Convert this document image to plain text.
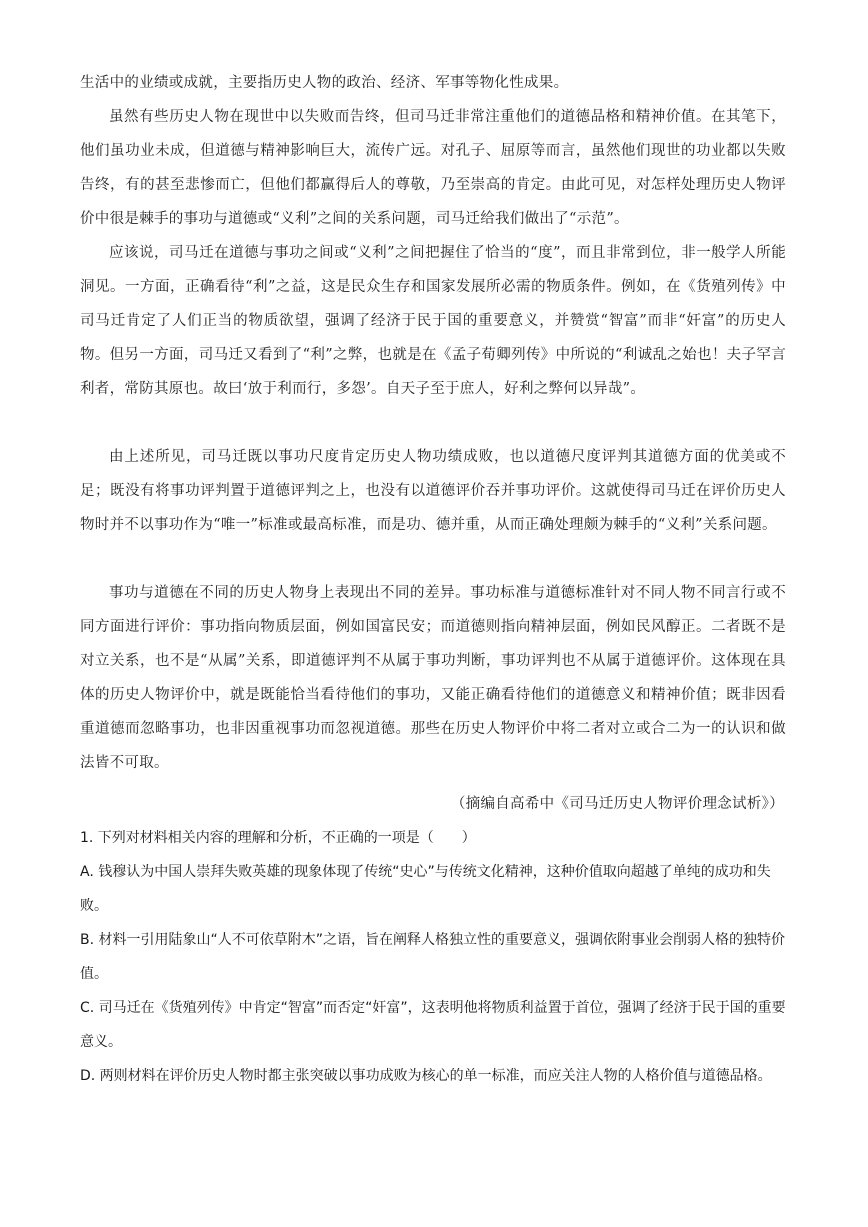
生活中的业绩或成就，主要指历史人物的政治、经济、军事等物化性成果。
虽然有些历史人物在现世中以失败而告终，但司马迁非常注重他们的道德品格和精神价值。在其笔下，他们虽功业未成，但道德与精神影响巨大，流传广远。对孔子、屈原等而言，虽然他们现世的功业都以失败告终，有的甚至悲惨而亡，但他们都赢得后人的尊敬，乃至崇高的肯定。由此可见，对怎样处理历史人物评价中很是棘手的事功与道德或“义利”之间的关系问题，司马迁给我们做出了“示范”。
应该说，司马迁在道德与事功之间或“义利”之间把握住了恰当的“度”，而且非常到位，非一般学人所能洞见。一方面，正确看待“利”之益，这是民众生存和国家发展所必需的物质条件。例如，在《货殖列传》中司马迁肯定了人们正当的物质欲望，强调了经济于民于国的重要意义，并赞赏“智富”而非“奸富”的历史人物。但另一方面，司马迁又看到了“利”之弊，也就是在《孟子荀卿列传》中所说的“利诚乱之始也！夫子罕言利者，常防其原也。故曰‘放于利而行，多怨’。自天子至于庶人，好利之弊何以异哉”。
由上述所见，司马迁既以事功尺度肯定历史人物功绩成败，也以道德尺度评判其道德方面的优美或不足；既没有将事功评判置于道德评判之上，也没有以道德评价吞并事功评价。这就使得司马迁在评价历史人物时并不以事功作为“唯一”标准或最高标准，而是功、德并重，从而正确处理颇为棘手的“义利”关系问题。
事功与道德在不同的历史人物身上表现出不同的差异。事功标准与道德标准针对不同人物不同言行或不同方面进行评价：事功指向物质层面，例如国富民安；而道德则指向精神层面，例如民风醇正。二者既不是对立关系，也不是“从属”关系，即道德评判不从属于事功判断，事功评判也不从属于道德评价。这体现在具体的历史人物评价中，就是既能恰当看待他们的事功，又能正确看待他们的道德意义和精神价值；既非因看重道德而忽略事功，也非因重视事功而忽视道德。那些在历史人物评价中将二者对立或合二为一的认识和做法皆不可取。
（摘编自高希中《司马迁历史人物评价理念试析》）
1. 下列对材料相关内容的理解和分析，不正确的一项是（　　）
A. 钱穆认为中国人崇拜失败英雄的现象体现了传统“史心”与传统文化精神，这种价值取向超越了单纯的成功和失败。
B. 材料一引用陆象山“人不可依草附木”之语，旨在阐释人格独立性的重要意义，强调依附事业会削弱人格的独特价值。
C. 司马迁在《货殖列传》中肯定“智富”而否定“奸富”，这表明他将物质利益置于首位，强调了经济于民于国的重要意义。
D. 两则材料在评价历史人物时都主张突破以事功成败为核心的单一标准，而应关注人物的人格价值与道德品格。
